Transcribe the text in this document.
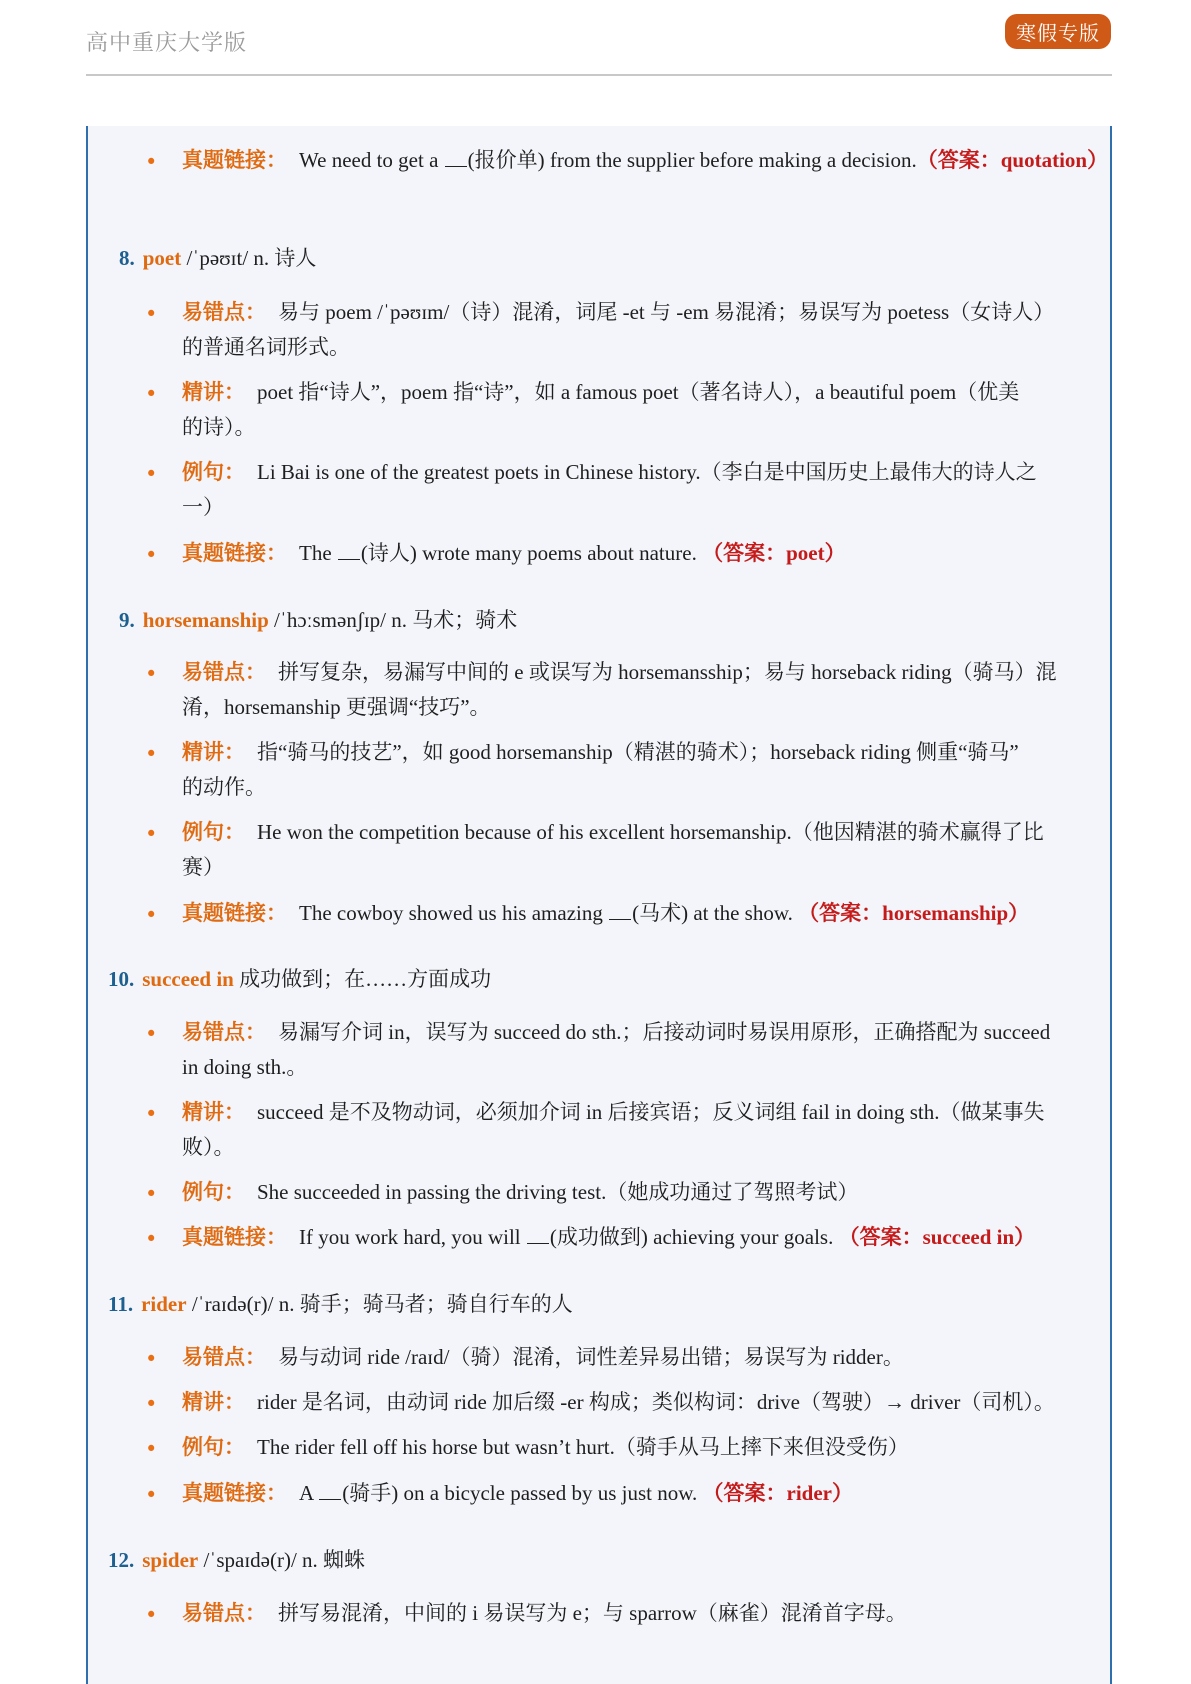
高中重庆大学版	寒假专版
• 真题链接： We need to get a (报价单) from the supplier before making a decision.（答案：quotation）
8. poet /ˈpəʊɪt/ n. 诗人
• 易错点： 易与 poem /ˈpəʊɪm/（诗）混淆，词尾 -et 与 -em 易混淆；易误写为 poetess（女诗人）
的普通名词形式。
• 精讲： poet 指“诗人”，poem 指“诗”，如 a famous poet（著名诗人），a beautiful poem（优美
的诗）。
• 例句： Li Bai is one of the greatest poets in Chinese history.（李白是中国历史上最伟大的诗人之
一）
• 真题链接： The (诗人) wrote many poems about nature. （答案：poet）
9. horsemanship /ˈhɔːsmənʃɪp/ n. 马术；骑术
• 易错点： 拼写复杂，易漏写中间的 e 或误写为 horsemansship；易与 horseback riding（骑马）混
淆，horsemanship 更强调“技巧”。
• 精讲： 指“骑马的技艺”，如 good horsemanship（精湛的骑术）；horseback riding 侧重“骑马”
的动作。
• 例句： He won the competition because of his excellent horsemanship.（他因精湛的骑术赢得了比
赛）
• 真题链接： The cowboy showed us his amazing (马术) at the show. （答案：horsemanship）
10. succeed in 成功做到；在……方面成功
• 易错点： 易漏写介词 in，误写为 succeed do sth.；后接动词时易误用原形，正确搭配为 succeed
in doing sth.。
• 精讲： succeed 是不及物动词，必须加介词 in 后接宾语；反义词组 fail in doing sth.（做某事失
败）。
• 例句： She succeeded in passing the driving test.（她成功通过了驾照考试）
• 真题链接： If you work hard, you will (成功做到) achieving your goals. （答案：succeed in）
11. rider /ˈraɪdə(r)/ n. 骑手；骑马者；骑自行车的人
• 易错点： 易与动词 ride /raɪd/（骑）混淆，词性差异易出错；易误写为 ridder。
• 精讲： rider 是名词，由动词 ride 加后缀 -er 构成；类似构词：drive（驾驶）→ driver（司机）。
• 例句： The rider fell off his horse but wasn’t hurt.（骑手从马上摔下来但没受伤）
• 真题链接： A (骑手) on a bicycle passed by us just now. （答案：rider）
12. spider /ˈspaɪdə(r)/ n. 蜘蛛
• 易错点： 拼写易混淆，中间的 i 易误写为 e；与 sparrow（麻雀）混淆首字母。
